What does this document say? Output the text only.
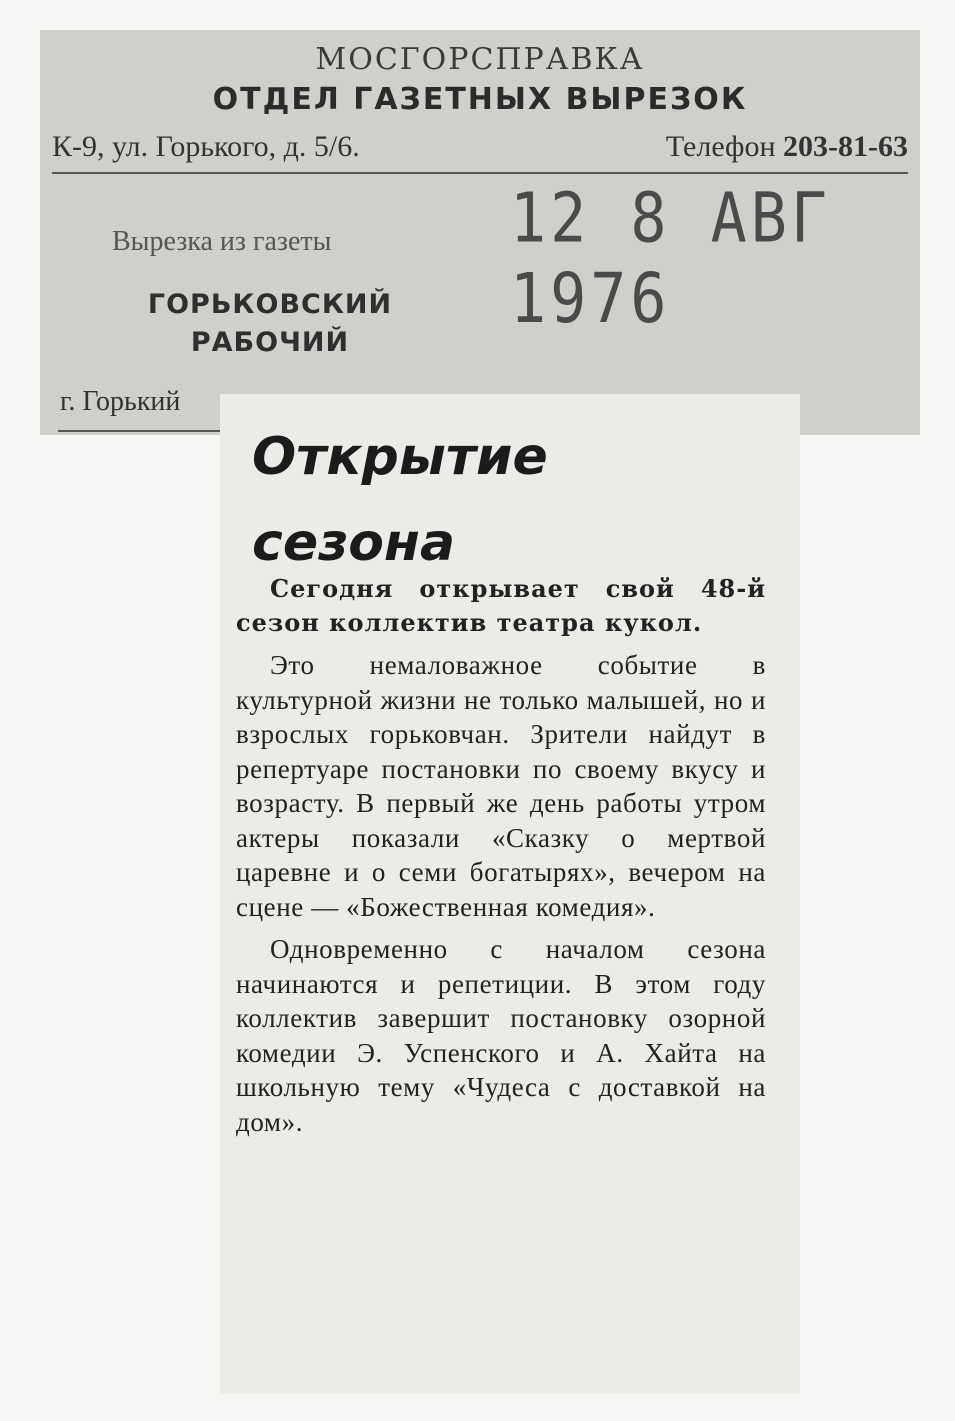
МОСГОРСПРАВКА
ОТДЕЛ ГАЗЕТНЫХ ВЫРЕЗОК
К-9, ул. Горького, д. 5/6.	Телефон 203-81-63
12 8 АВГ 1976
Вырезка из газеты
ГОРЬКОВСКИЙ
РАБОЧИЙ
г. Горький
Открытие
сезона

Сегодня открывает свой 48-й сезон коллектив театра кукол.

Это немаловажное событие в культурной жизни не только малышей, но и взрослых горьковчан. Зрители найдут в репертуаре постановки по своему вкусу и возрасту. В первый же день работы утром актеры показали «Сказку о мертвой царевне и о семи богатырях», вечером на сцене — «Божественная комедия».

Одновременно с началом сезона начинаются и репетиции. В этом году коллектив завершит постановку озорной комедии Э. Успенского и А. Хайта на школьную тему «Чудеса с доставкой на дом».
